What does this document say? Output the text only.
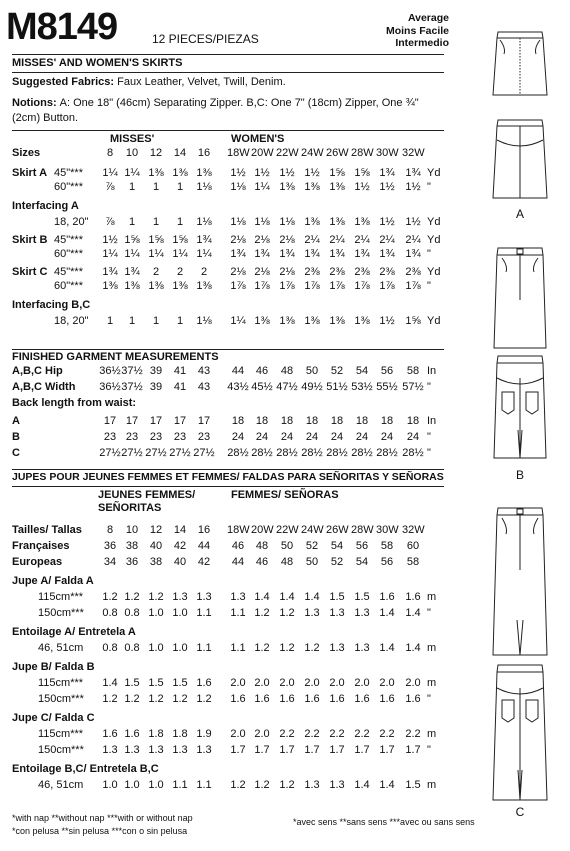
M8149	12 PIECES/PIEZAS
Average
Moins Facile
Intermedio
MISSES' AND WOMEN'S SKIRTS
Suggested Fabrics: Faux Leather, Velvet, Twill, Denim.
Notions: A: One 18" (46cm) Separating Zipper. B,C: One 7" (18cm) Zipper, One ¾" (2cm) Button.
MISSES'	WOMEN'S
Sizes	8	10	12	14	16	18W 20W 22W 24W 26W 28W 30W 32W
Skirt A 45"***	1¼ 1¼ 1⅜ 1⅜ 1⅜	1½ 1½ 1½ 1½ 1⅝ 1⅝ 1¾ 1¾ Yd
60"***	⅞	1	1	1	1⅛	1⅛ 1¼ 1⅜ 1⅜ 1⅜ 1½ 1½ 1½ "
Interfacing A
18, 20"	⅞	1	1	1	1⅛	1⅛ 1⅛ 1⅛ 1⅜ 1⅜ 1⅜ 1½ 1½ Yd
Skirt B 45"***	1½ 1⅝ 1⅝ 1⅝ 1¾	2⅛ 2⅛ 2⅛ 2¼ 2¼ 2¼ 2¼ 2¼ Yd
60"***	1¼ 1¼ 1¼ 1¼ 1¼	1¾ 1¾ 1¾ 1¾ 1¾ 1¾ 1¾ 1¾ "
Skirt C 45"***	1¾ 1¾	2	2	2	2⅛ 2⅛ 2⅛ 2⅜ 2⅜ 2⅜ 2⅜ 2⅜ Yd
60"***	1⅜ 1⅜ 1⅜ 1⅜ 1⅜	1⅞ 1⅞ 1⅞ 1⅞ 1⅞ 1⅞ 1⅞ 1⅞ "
Interfacing B,C
18, 20"	1	1	1	1	1⅛	1¼ 1⅜ 1⅜ 1⅜ 1⅜ 1⅜ 1½ 1⅝ Yd
FINISHED GARMENT MEASUREMENTS
A,B,C Hip	36½ 37½ 39	41	43	44	46	48	50	52	54	56	58 In
A,B,C Width 36½ 37½ 39	41	43	43½ 45½ 47½ 49½ 51½ 53½ 55½ 57½ "
Back length from waist:
A	17 17	17	17	17	18	18	18	18	18	18	18	18 In
B	23 23	23	23	23	24	24	24	24	24	24	24	24 "
C	27½ 27½ 27½ 27½ 27½ 28½ 28½ 28½ 28½ 28½ 28½ 28½ 28½ "
JUPES POUR JEUNES FEMMES ET FEMMES/ FALDAS PARA SEÑORITAS Y SEÑORAS
JEUNES FEMMES/
SEÑORITAS
FEMMES/ SEÑORAS
Tailles/ Tallas	8	10	12	14	16	18W 20W 22W 24W 26W 28W 30W 32W
Françaises	36 38	40	42	44	46	48	50	52	54	56	58	60
Europeas	34 36	38	40	42	44	46	48	50	52	54	56	58
Jupe A/ Falda A
115cm***	1.2 1.2 1.2 1.3 1.3	1.3 1.4 1.4 1.4 1.5 1.5 1.6 1.6 m
150cm***	0.8 0.8 1.0 1.0 1.1	1.1 1.2 1.2 1.3 1.3 1.3 1.4 1.4 "
Entoilage A/ Entretela A
46, 51cm	0.8 0.8 1.0 1.0 1.1	1.1 1.2 1.2 1.2 1.3 1.3 1.4 1.4 m
Jupe B/ Falda B
115cm***	1.4 1.5 1.5 1.5 1.6	2.0 2.0 2.0 2.0 2.0 2.0 2.0 2.0 m
150cm***	1.2 1.2 1.2 1.2 1.2	1.6 1.6 1.6 1.6 1.6 1.6 1.6 1.6 "
Jupe C/ Falda C
115cm***	1.6 1.6 1.8 1.8 1.9	2.0 2.0 2.2 2.2 2.2 2.2 2.2 2.2 m
150cm***	1.3 1.3 1.3 1.3 1.3	1.7 1.7 1.7 1.7 1.7 1.7 1.7 1.7 "
Entoilage B,C/ Entretela B,C
46, 51cm	1.0 1.0 1.0 1.1 1.1	1.2 1.2 1.2 1.3 1.3 1.4 1.4 1.5 m
*with nap **without nap ***with or without nap
*con pelusa **sin pelusa ***con o sin pelusa
*avec sens **sans sens ***avec ou sans sens
A
B
C
